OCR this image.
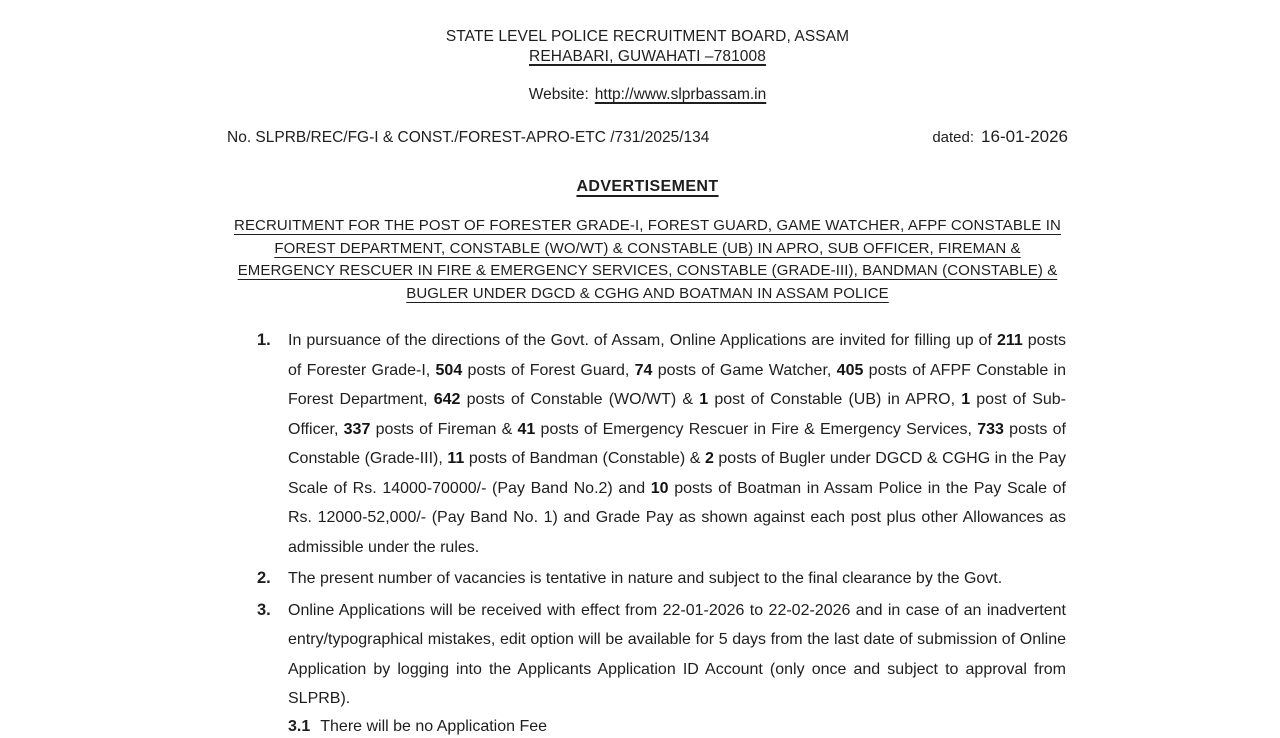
STATE LEVEL POLICE RECRUITMENT BOARD, ASSAM
REHABARI, GUWAHATI –781008
Website: http://www.slprbassam.in
No. SLPRB/REC/FG-I & CONST./FOREST-APRO-ETC /731/2025/134	dated: 16-01-2026
ADVERTISEMENT
RECRUITMENT FOR THE POST OF FORESTER GRADE-I, FOREST GUARD, GAME WATCHER, AFPF CONSTABLE IN FOREST DEPARTMENT, CONSTABLE (WO/WT) & CONSTABLE (UB) IN APRO, SUB OFFICER, FIREMAN & EMERGENCY RESCUER IN FIRE & EMERGENCY SERVICES, CONSTABLE (GRADE-III), BANDMAN (CONSTABLE) & BUGLER UNDER DGCD & CGHG AND BOATMAN IN ASSAM POLICE
1. In pursuance of the directions of the Govt. of Assam, Online Applications are invited for filling up of 211 posts of Forester Grade-I, 504 posts of Forest Guard, 74 posts of Game Watcher, 405 posts of AFPF Constable in Forest Department, 642 posts of Constable (WO/WT) & 1 post of Constable (UB) in APRO, 1 post of Sub-Officer, 337 posts of Fireman & 41 posts of Emergency Rescuer in Fire & Emergency Services, 733 posts of Constable (Grade-III), 11 posts of Bandman (Constable) & 2 posts of Bugler under DGCD & CGHG in the Pay Scale of Rs. 14000-70000/- (Pay Band No.2) and 10 posts of Boatman in Assam Police in the Pay Scale of Rs. 12000-52,000/- (Pay Band No. 1) and Grade Pay as shown against each post plus other Allowances as admissible under the rules.
2. The present number of vacancies is tentative in nature and subject to the final clearance by the Govt.
3. Online Applications will be received with effect from 22-01-2026 to 22-02-2026 and in case of an inadvertent entry/typographical mistakes, edit option will be available for 5 days from the last date of submission of Online Application by logging into the Applicants Application ID Account (only once and subject to approval from SLPRB).
3.1 There will be no Application Fee
